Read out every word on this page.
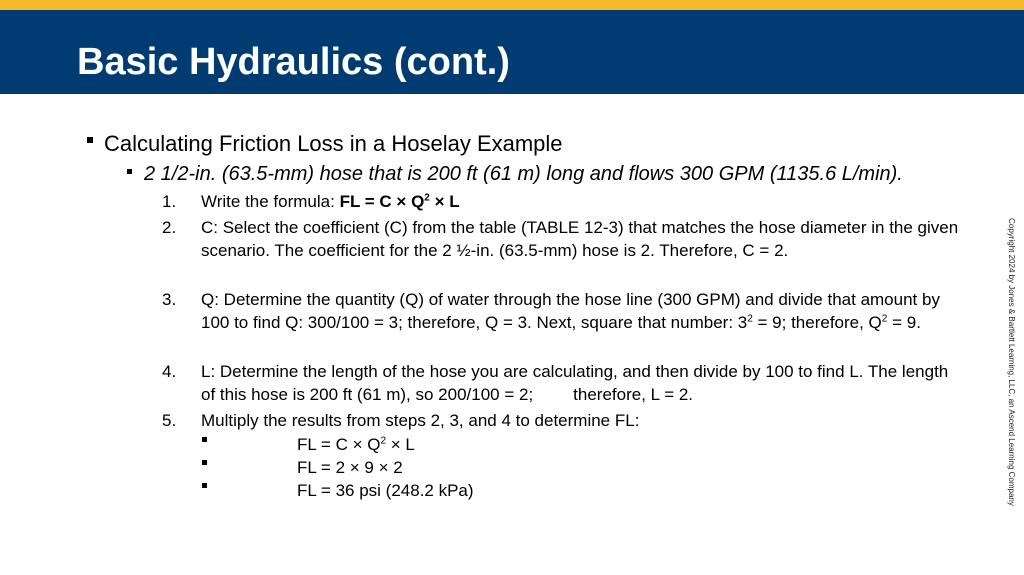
Basic Hydraulics (cont.)
Calculating Friction Loss in a Hoselay Example
2 1/2-in. (63.5-mm) hose that is 200 ft (61 m) long and flows 300 GPM (1135.6 L/min).
1. Write the formula: FL = $C \times Q^2 \times L$
2. C: Select the coefficient (C) from the table (TABLE 12-3) that matches the hose diameter in the given scenario. The coefficient for the 2 ½-in. (63.5-mm) hose is 2. Therefore, C = 2.
3. Q: Determine the quantity (Q) of water through the hose line (300 GPM) and divide that amount by 100 to find Q: 300/100 = 3; therefore, Q = 3. Next, square that number: $3^2 = 9$; therefore, $Q^2 = 9$.
4. L: Determine the length of the hose you are calculating, and then divide by 100 to find L. The length of this hose is 200 ft (61 m), so 200/100 = 2; therefore, L = 2.
5. Multiply the results from steps 2, 3, and 4 to determine FL:
FL = $C \times Q^2 \times L$
FL = 2 × 9 × 2
FL = 36 psi (248.2 kPa)	Copyright 2024 by Jones & Bartlett Learning, LLC, an Ascend Learning Company
